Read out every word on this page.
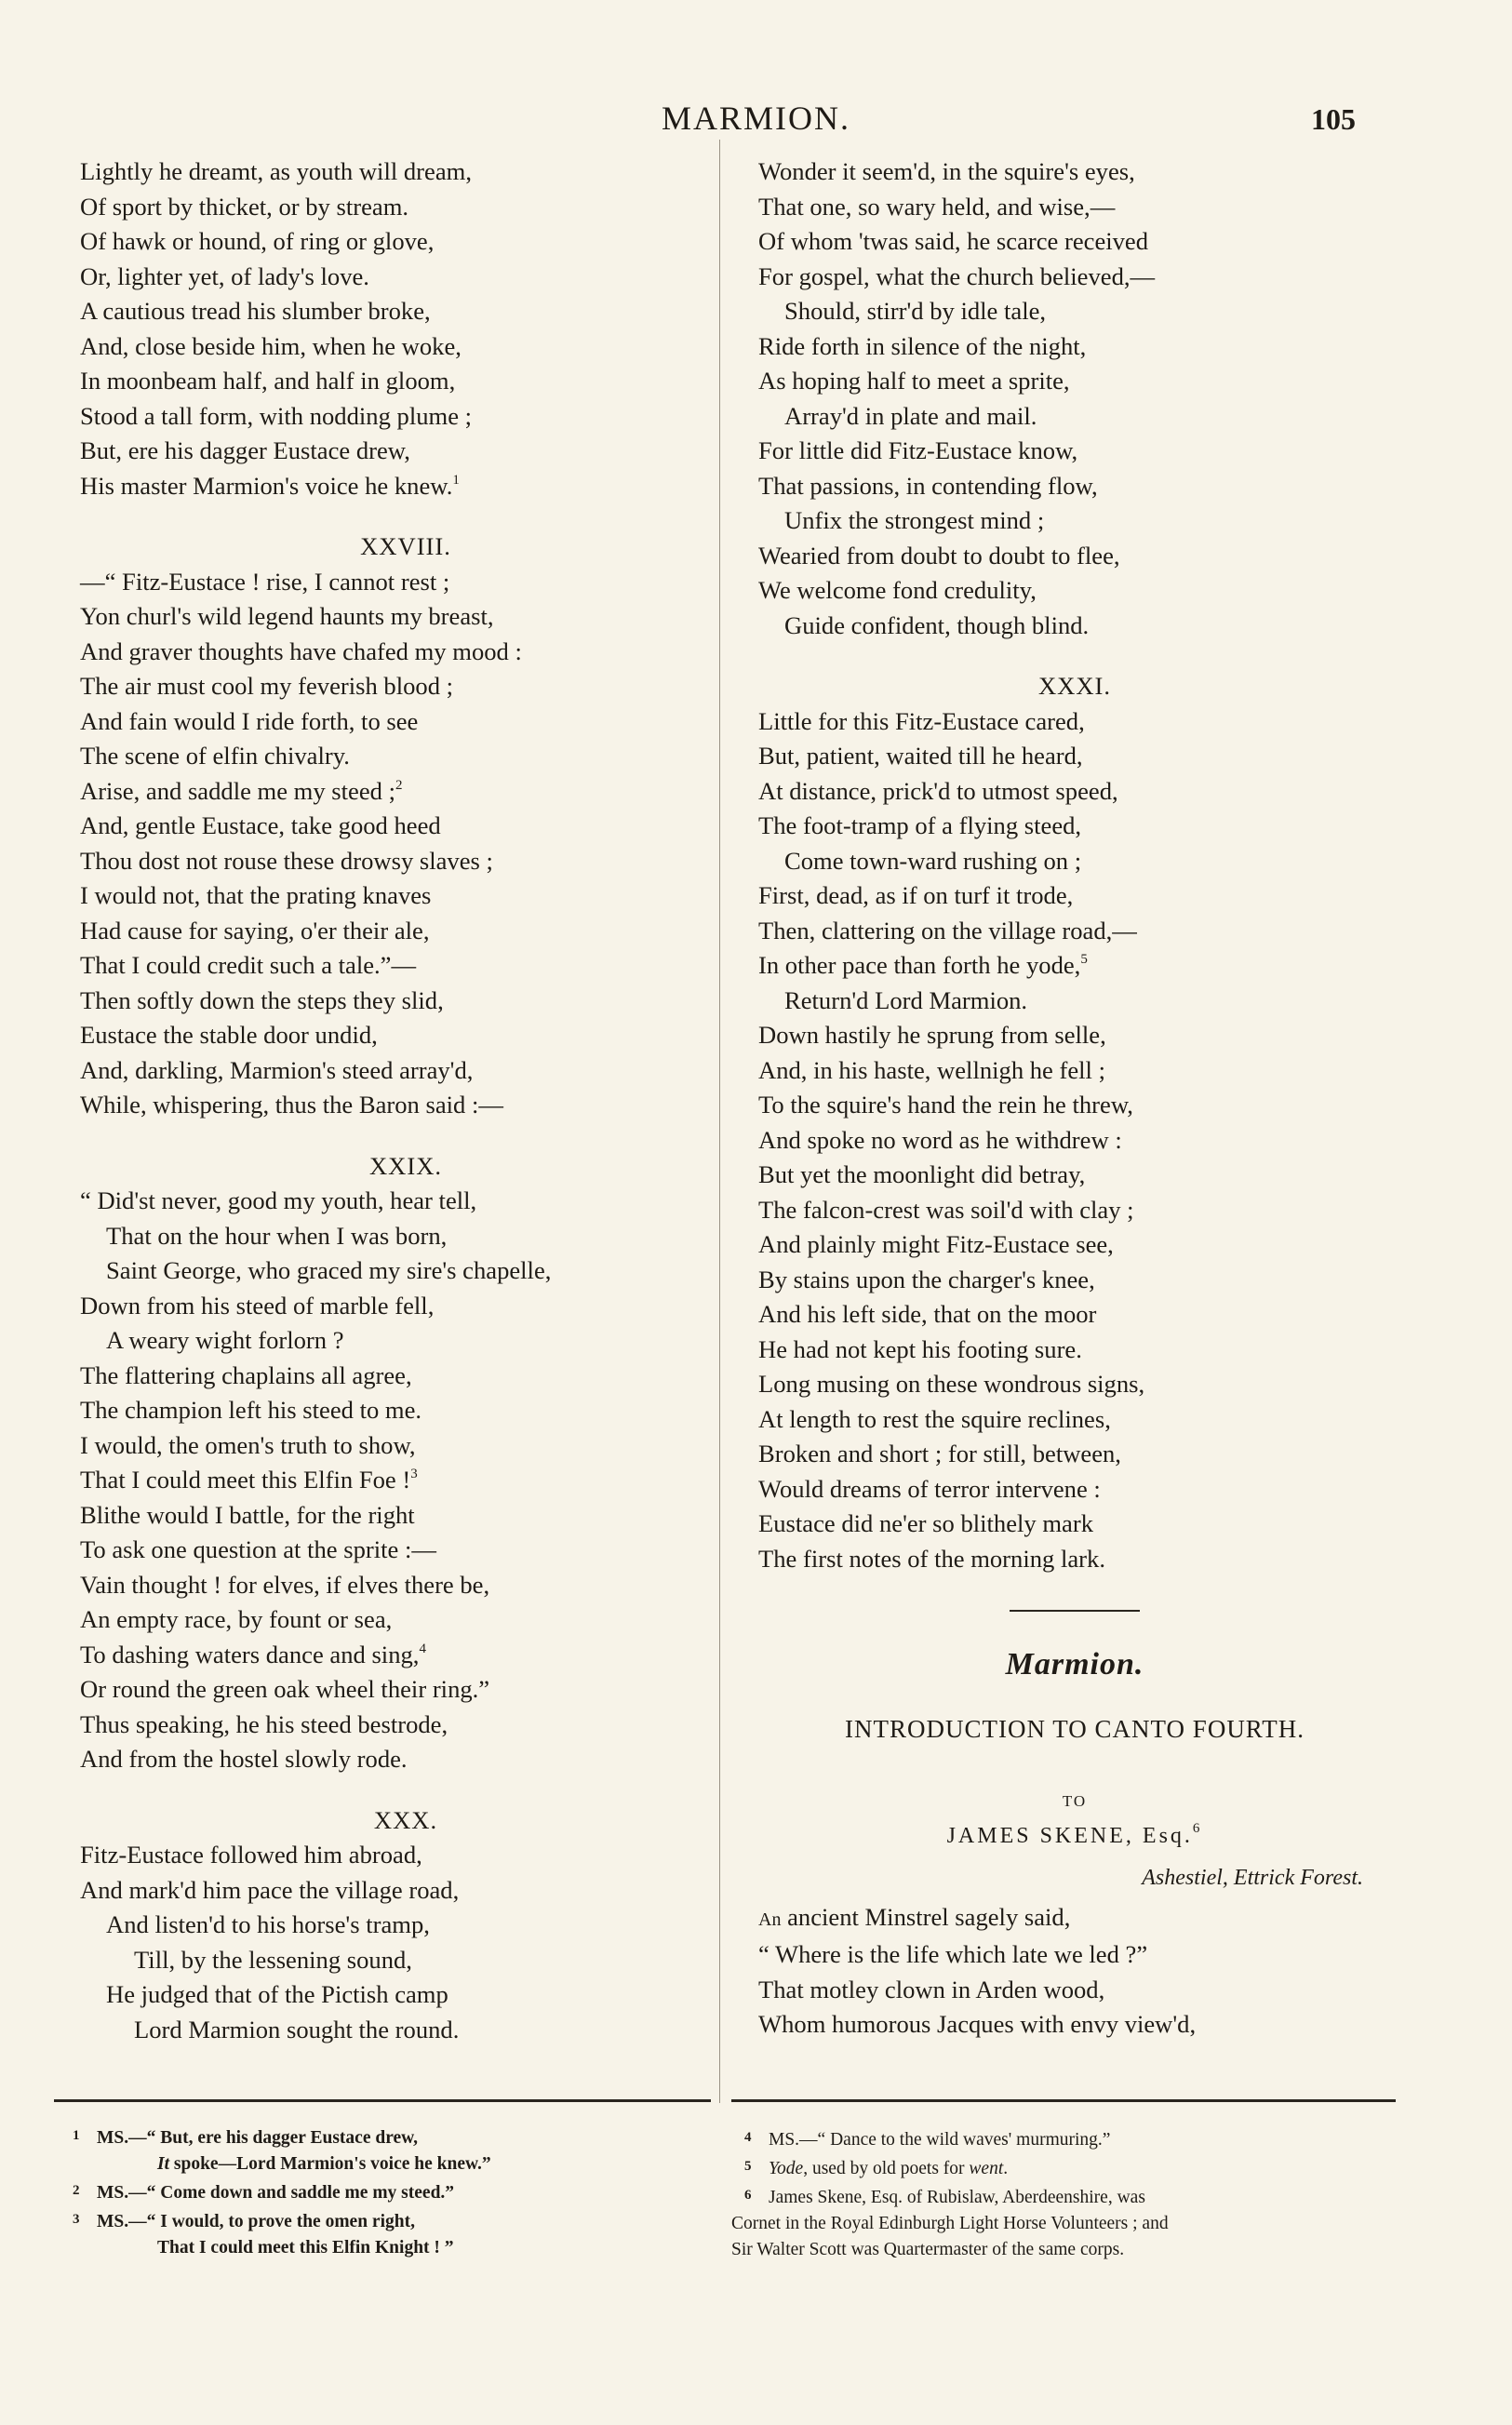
MARMION.	105
Lightly he dreamt, as youth will dream,
Of sport by thicket, or by stream.
Of hawk or hound, of ring or glove,
Or, lighter yet, of lady's love.
A cautious tread his slumber broke,
And, close beside him, when he woke,
In moonbeam half, and half in gloom,
Stood a tall form, with nodding plume ;
But, ere his dagger Eustace drew,
His master Marmion's voice he knew.$^1$
XXVIII.
—“ Fitz-Eustace ! rise, I cannot rest ;
Yon churl's wild legend haunts my breast,
And graver thoughts have chafed my mood :
The air must cool my feverish blood ;
And fain would I ride forth, to see
The scene of elfin chivalry.
Arise, and saddle me my steed ;$^2$
And, gentle Eustace, take good heed
Thou dost not rouse these drowsy slaves ;
I would not, that the prating knaves
Had cause for saying, o'er their ale,
That I could credit such a tale.”—
Then softly down the steps they slid,
Eustace the stable door undid,
And, darkling, Marmion's steed array'd,
While, whispering, thus the Baron said :—
XXIX.
“ Did'st never, good my youth, hear tell,
That on the hour when I was born,
Saint George, who graced my sire's chapelle,
Down from his steed of marble fell,
A weary wight forlorn ?
The flattering chaplains all agree,
The champion left his steed to me.
I would, the omen's truth to show,
That I could meet this Elfin Foe !$^3$
Blithe would I battle, for the right
To ask one question at the sprite :—
Vain thought ! for elves, if elves there be,
An empty race, by fount or sea,
To dashing waters dance and sing,$^4$
Or round the green oak wheel their ring.”
Thus speaking, he his steed bestrode,
And from the hostel slowly rode.
XXX.
Fitz-Eustace followed him abroad,
And mark'd him pace the village road,
And listen'd to his horse's tramp,
Till, by the lessening sound,
He judged that of the Pictish camp
Lord Marmion sought the round.
Wonder it seem'd, in the squire's eyes,
That one, so wary held, and wise,—
Of whom 'twas said, he scarce received
For gospel, what the church believed,—
Should, stirr'd by idle tale,
Ride forth in silence of the night,
As hoping half to meet a sprite,
Array'd in plate and mail.
For little did Fitz-Eustace know,
That passions, in contending flow,
Unfix the strongest mind ;
Wearied from doubt to doubt to flee,
We welcome fond credulity,
Guide confident, though blind.
XXXI.
Little for this Fitz-Eustace cared,
But, patient, waited till he heard,
At distance, prick'd to utmost speed,
The foot-tramp of a flying steed,
Come town-ward rushing on ;
First, dead, as if on turf it trode,
Then, clattering on the village road,—
In other pace than forth he yode,$^5$
Return'd Lord Marmion.
Down hastily he sprung from selle,
And, in his haste, wellnigh he fell ;
To the squire's hand the rein he threw,
And spoke no word as he withdrew :
But yet the moonlight did betray,
The falcon-crest was soil'd with clay ;
And plainly might Fitz-Eustace see,
By stains upon the charger's knee,
And his left side, that on the moor
He had not kept his footing sure.
Long musing on these wondrous signs,
At length to rest the squire reclines,
Broken and short ; for still, between,
Would dreams of terror intervene :
Eustace did ne'er so blithely mark
The first notes of the morning lark.
Marmion.
INTRODUCTION TO CANTO FOURTH.
TO
JAMES SKENE, Esq.$^6$
Ashestiel, Ettrick Forest.
An ancient Minstrel sagely said,
“ Where is the life which late we led ?”
That motley clown in Arden wood,
Whom humorous Jacques with envy view'd,
1 MS.—“ But, ere his dagger Eustace drew,
It spoke—Lord Marmion's voice he knew.”
2 MS.—“ Come down and saddle me my steed.”
3 MS.—“ I would, to prove the omen right,
That I could meet this Elfin Knight ! ”
4 MS.—“ Dance to the wild waves' murmuring.”
5 Yode, used by old poets for went.
6 James Skene, Esq. of Rubislaw, Aberdeenshire, was
Cornet in the Royal Edinburgh Light Horse Volunteers ; and
Sir Walter Scott was Quartermaster of the same corps.
